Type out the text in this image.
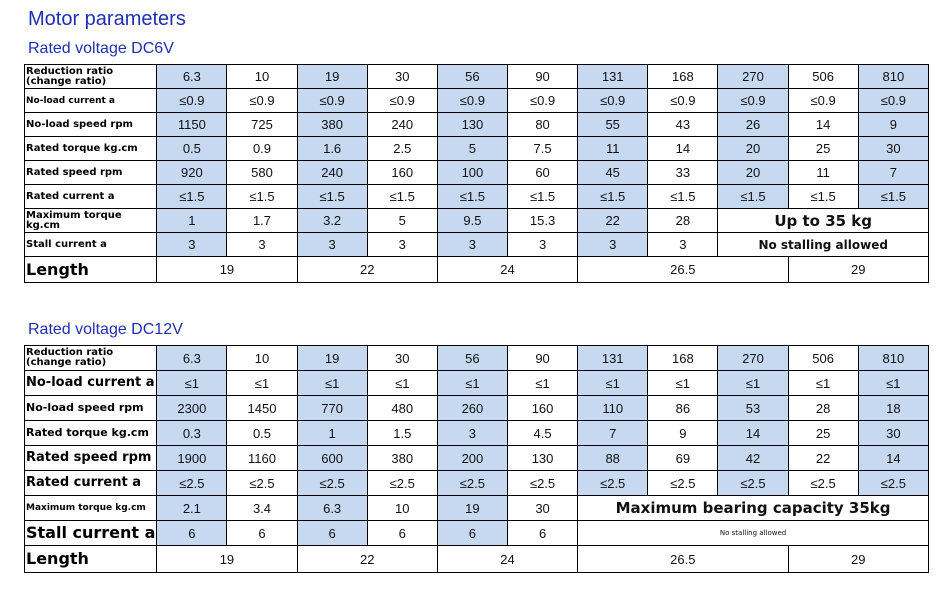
Motor parameters
Rated voltage DC6V
Reduction ratio (change ratio)	6.3	10	19	30	56	90	131	168	270	506	810
No-load current a	≤0.9	≤0.9	≤0.9	≤0.9	≤0.9	≤0.9	≤0.9	≤0.9	≤0.9	≤0.9	≤0.9
No-load speed rpm	1150	725	380	240	130	80	55	43	26	14	9
Rated torque kg.cm	0.5	0.9	1.6	2.5	5	7.5	11	14	20	25	30
Rated speed rpm	920	580	240	160	100	60	45	33	20	11	7
Rated current a	≤1.5	≤1.5	≤1.5	≤1.5	≤1.5	≤1.5	≤1.5	≤1.5	≤1.5	≤1.5	≤1.5
Maximum torque kg.cm	1	1.7	3.2	5	9.5	15.3	22	28	Up to 35 kg		
Stall current a	3	3	3	3	3	3	3	3	No stalling allowed		
Length	19		22		24		26.5			29	
Rated voltage DC12V
Reduction ratio (change ratio)	6.3	10	19	30	56	90	131	168	270	506	810
No-load current a	≤1	≤1	≤1	≤1	≤1	≤1	≤1	≤1	≤1	≤1	≤1
No-load speed rpm	2300	1450	770	480	260	160	110	86	53	28	18
Rated torque kg.cm	0.3	0.5	1	1.5	3	4.5	7	9	14	25	30
Rated speed rpm	1900	1160	600	380	200	130	88	69	42	22	14
Rated current a	≤2.5	≤2.5	≤2.5	≤2.5	≤2.5	≤2.5	≤2.5	≤2.5	≤2.5	≤2.5	≤2.5
Maximum torque kg.cm	2.1	3.4	6.3	10	19	30	Maximum bearing capacity 35kg				
Stall current a	6	6	6	6	6	6	No stalling allowed				
Length	19		22		24		26.5			29	
